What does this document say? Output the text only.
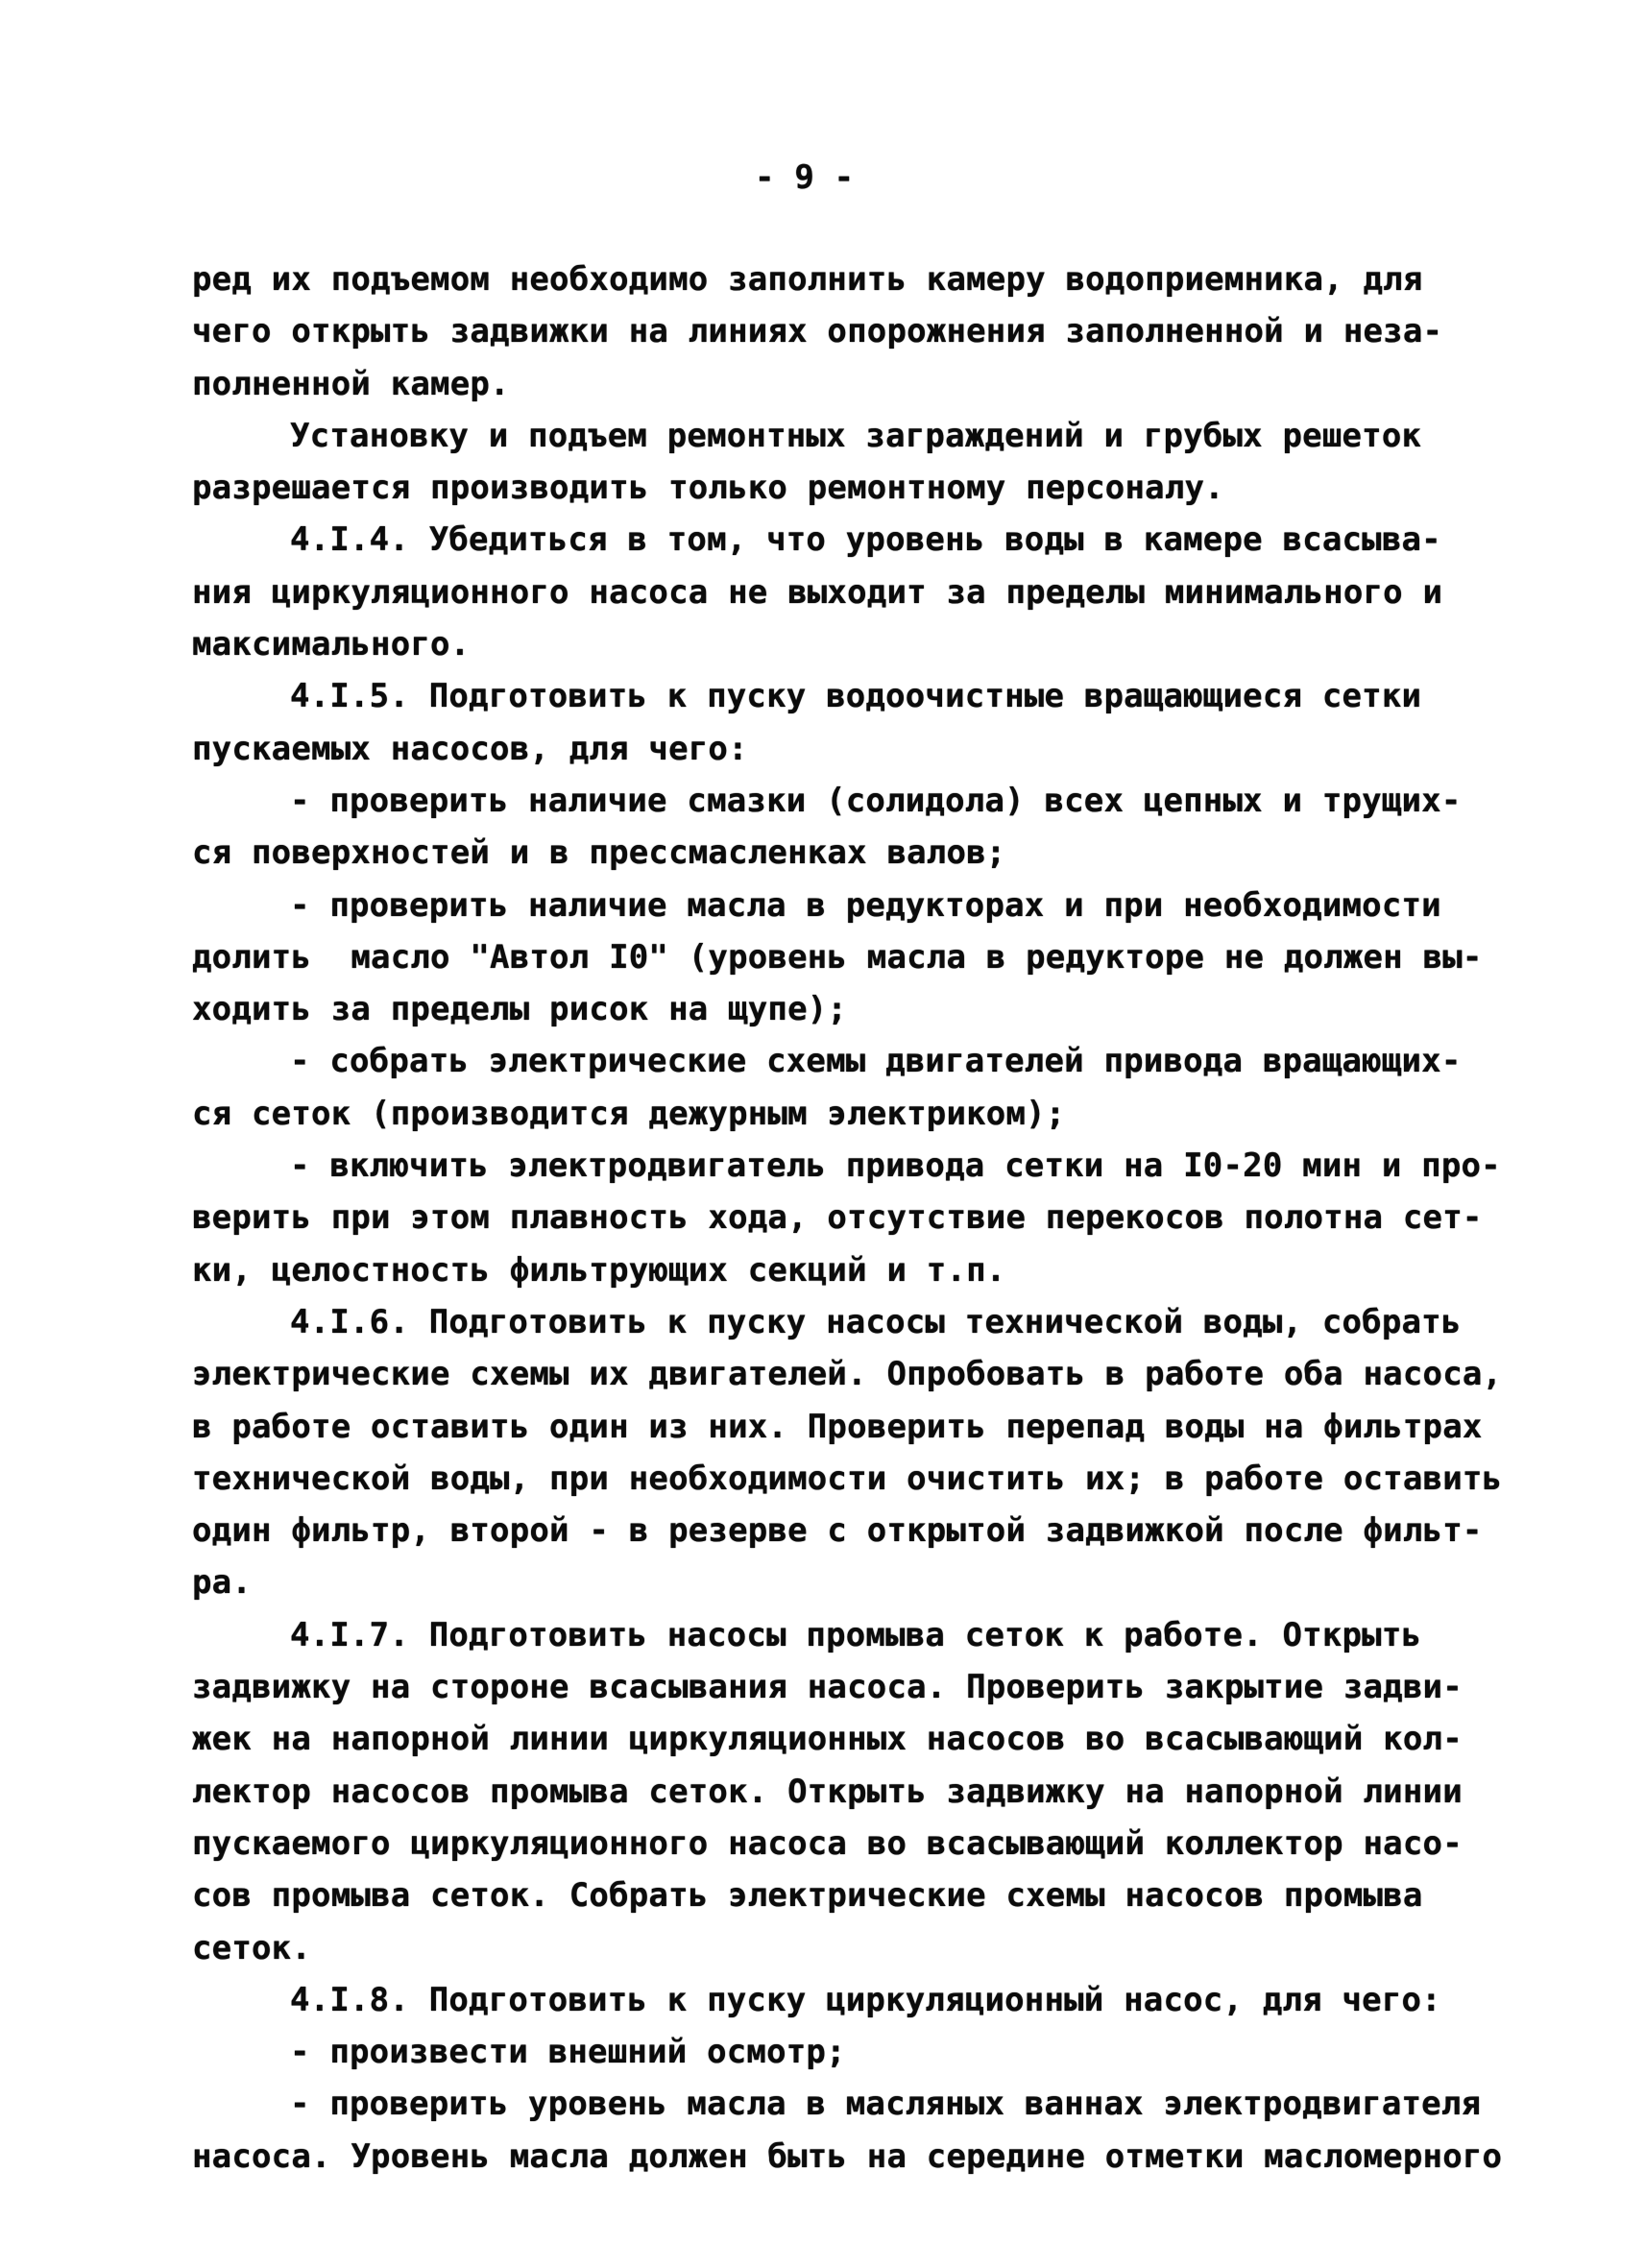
- 9 -
ред их подъемом необходимо заполнить камеру водоприемника, для
чего открыть задвижки на линиях опорожнения заполненной и неза-
полненной камер.
Установку и подъем ремонтных заграждений и грубых решеток
разрешается производить только ремонтному персоналу.
4.I.4. Убедиться в том, что уровень воды в камере всасыва-
ния циркуляционного насоса не выходит за пределы минимального и
максимального.
4.I.5. Подготовить к пуску водоочистные вращающиеся сетки
пускаемых насосов, для чего:
- проверить наличие смазки (солидола) всех цепных и трущих-
ся поверхностей и в прессмасленках валов;
- проверить наличие масла в редукторах и при необходимости
долить  масло "Автол I0" (уровень масла в редукторе не должен вы-
ходить за пределы рисок на щупе);
- собрать электрические схемы двигателей привода вращающих-
ся сеток (производится дежурным электриком);
- включить электродвигатель привода сетки на I0-20 мин и про-
верить при этом плавность хода, отсутствие перекосов полотна сет-
ки, целостность фильтрующих секций и т.п.
4.I.6. Подготовить к пуску насосы технической воды, собрать
электрические схемы их двигателей. Опробовать в работе оба насоса,
в работе оставить один из них. Проверить перепад воды на фильтрах
технической воды, при необходимости очистить их; в работе оставить
один фильтр, второй - в резерве с открытой задвижкой после фильт-
ра.
4.I.7. Подготовить насосы промыва сеток к работе. Открыть
задвижку на стороне всасывания насоса. Проверить закрытие задви-
жек на напорной линии циркуляционных насосов во всасывающий кол-
лектор насосов промыва сеток. Открыть задвижку на напорной линии
пускаемого циркуляционного насоса во всасывающий коллектор насо-
сов промыва сеток. Собрать электрические схемы насосов промыва
сеток.
4.I.8. Подготовить к пуску циркуляционный насос, для чего:
- произвести внешний осмотр;
- проверить уровень масла в масляных ваннах электродвигателя
насоса. Уровень масла должен быть на середине отметки масломерного
